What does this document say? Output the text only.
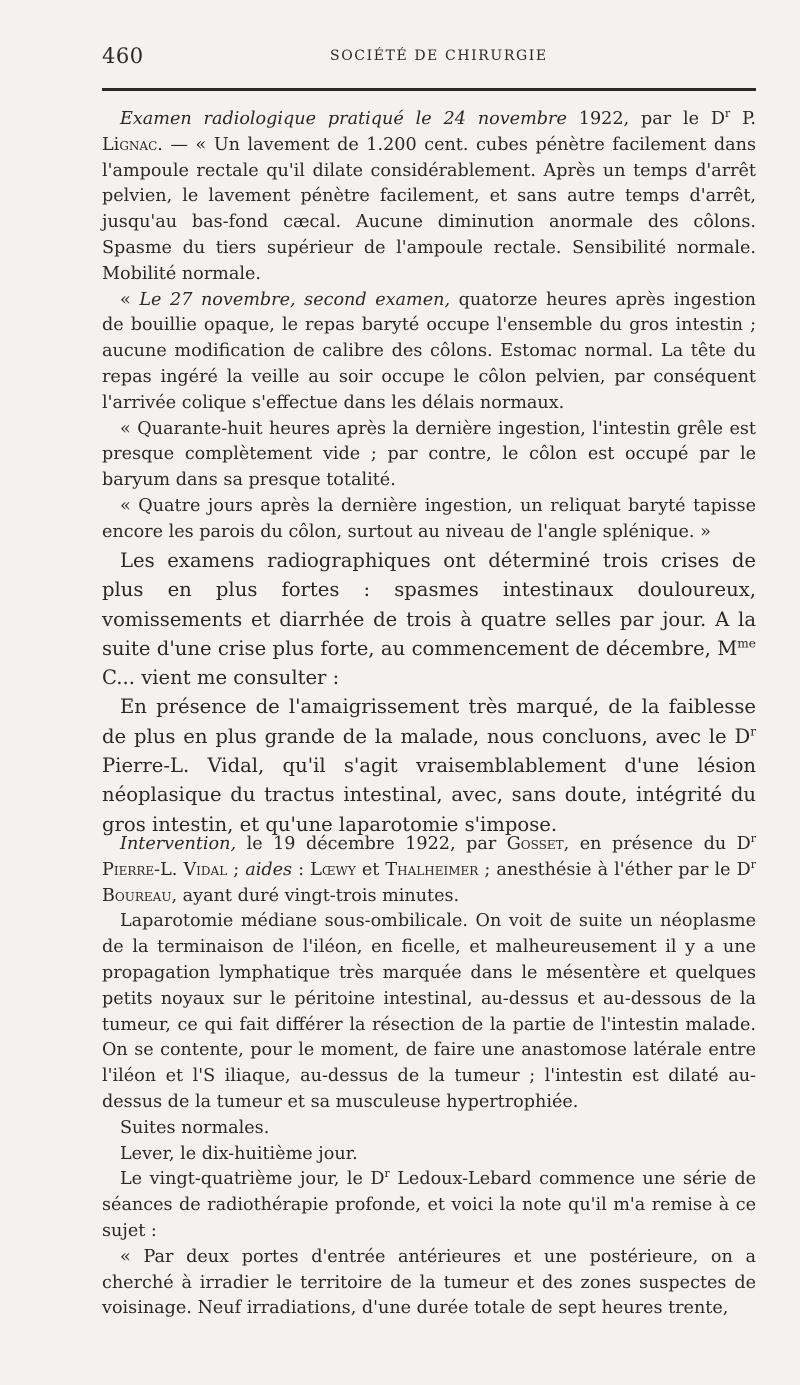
460	SOCIÉTÉ DE CHIRURGIE

Examen radiologique pratiqué le 24 novembre 1922, par le $D^r$ P. Lignac. — « Un lavement de 1.200 cent. cubes pénètre facilement dans l'ampoule rectale qu'il dilate considérablement. Après un temps d'arrêt pelvien, le lavement pénètre facilement, et sans autre temps d'arrêt, jusqu'au bas-fond cæcal. Aucune diminution anormale des côlons. Spasme du tiers supérieur de l'ampoule rectale. Sensibilité normale. Mobilité normale.

« Le 27 novembre, second examen, quatorze heures après ingestion de bouillie opaque, le repas baryté occupe l'ensemble du gros intestin ; aucune modification de calibre des côlons. Estomac normal. La tête du repas ingéré la veille au soir occupe le côlon pelvien, par conséquent l'arrivée colique s'effectue dans les délais normaux.

« Quarante-huit heures après la dernière ingestion, l'intestin grêle est presque complètement vide ; par contre, le côlon est occupé par le baryum dans sa presque totalité.

« Quatre jours après la dernière ingestion, un reliquat baryté tapisse encore les parois du côlon, surtout au niveau de l'angle splénique. »

Les examens radiographiques ont déterminé trois crises de plus en plus fortes : spasmes intestinaux douloureux, vomissements et diarrhée de trois à quatre selles par jour. A la suite d'une crise plus forte, au commencement de décembre, $M^{me}$ C... vient me consulter :

En présence de l'amaigrissement très marqué, de la faiblesse de plus en plus grande de la malade, nous concluons, avec le $D^r$ Pierre-L. Vidal, qu'il s'agit vraisemblablement d'une lésion néoplasique du tractus intestinal, avec, sans doute, intégrité du gros intestin, et qu'une laparotomie s'impose.

Intervention, le 19 décembre 1922, par Gosset, en présence du $D^r$ Pierre-L. Vidal ; aides : Lœwy et Thalheimer ; anesthésie à l'éther par le $D^r$ Boureau, ayant duré vingt-trois minutes.

Laparotomie médiane sous-ombilicale. On voit de suite un néoplasme de la terminaison de l'iléon, en ficelle, et malheureusement il y a une propagation lymphatique très marquée dans le mésentère et quelques petits noyaux sur le péritoine intestinal, au-dessus et au-dessous de la tumeur, ce qui fait différer la résection de la partie de l'intestin malade. On se contente, pour le moment, de faire une anastomose latérale entre l'iléon et l'S iliaque, au-dessus de la tumeur ; l'intestin est dilaté au-dessus de la tumeur et sa musculeuse hypertrophiée.

Suites normales.

Lever, le dix-huitième jour.

Le vingt-quatrième jour, le $D^r$ Ledoux-Lebard commence une série de séances de radiothérapie profonde, et voici la note qu'il m'a remise à ce sujet :

« Par deux portes d'entrée antérieures et une postérieure, on a cherché à irradier le territoire de la tumeur et des zones suspectes de voisinage. Neuf irradiations, d'une durée totale de sept heures trente,
